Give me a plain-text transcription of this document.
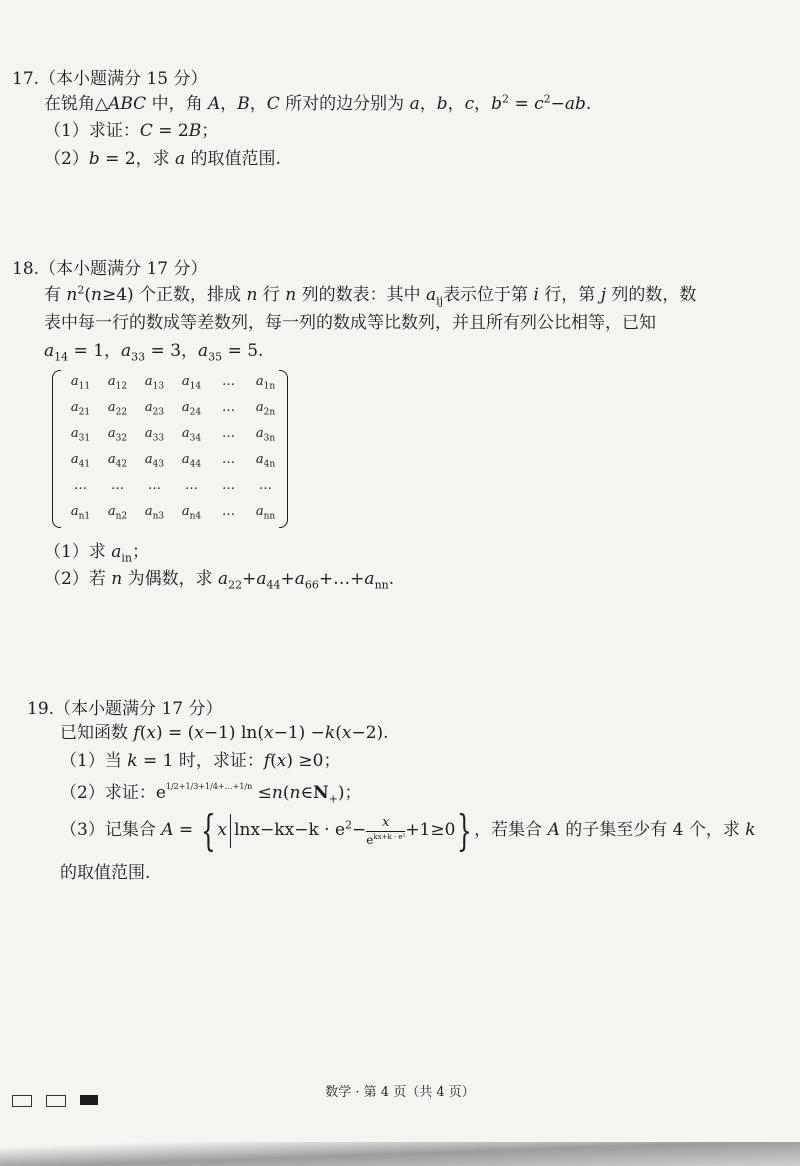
17.（本小题满分 15 分）
在锐角△ABC 中，角 A，B，C 所对的边分别为 a，b，c，$b^2 = c^2-ab$.
（1）求证：C = 2B；
（2）b = 2，求 a 的取值范围.
18.（本小题满分 17 分）
有 $n^2(n\ge 4)$ 个正数，排成 n 行 n 列的数表：其中 $a_{ij}$表示位于第 i 行，第 j 列的数，数
表中每一行的数成等差数列，每一列的数成等比数列，并且所有列公比相等，已知
$a_{14} = 1$，$a_{33} = 3$，$a_{35} = 5$.
$a_{11}$	$a_{12}$	$a_{13}$	$a_{14}$	…	$a_{1n}$
$a_{21}$	$a_{22}$	$a_{23}$	$a_{24}$	…	$a_{2n}$
$a_{31}$	$a_{32}$	$a_{33}$	$a_{34}$	…	$a_{3n}$
$a_{41}$	$a_{42}$	$a_{43}$	$a_{44}$	…	$a_{4n}$
…	…	…	…	…	…
$a_{n1}$	$a_{n2}$	$a_{n3}$	$a_{n4}$	…	$a_{nn}$
（1）求 $a_{in}$；
（2）若 n 为偶数，求 $a_{22}+a_{44}+a_{66}+\dots+a_{nn}$.
19.（本小题满分 17 分）
已知函数 f(x) = (x−1) ln(x−1) −k(x−2).
（1）当 k = 1 时，求证：f(x) ≥0；
（2）求证：$e^{1/2+1/3+1/4+\dots+1/n}$ $\le n(n\in N_+)$；
（3）记集合 A = { x $\ln x-kx-k \cdot e^2- \frac{x}{e^{kx+k \cdot e^2}} +1\ge 0$} ，若集合 A 的子集至少有 4 个，求 k
的取值范围.
数学 · 第 4 页（共 4 页）
